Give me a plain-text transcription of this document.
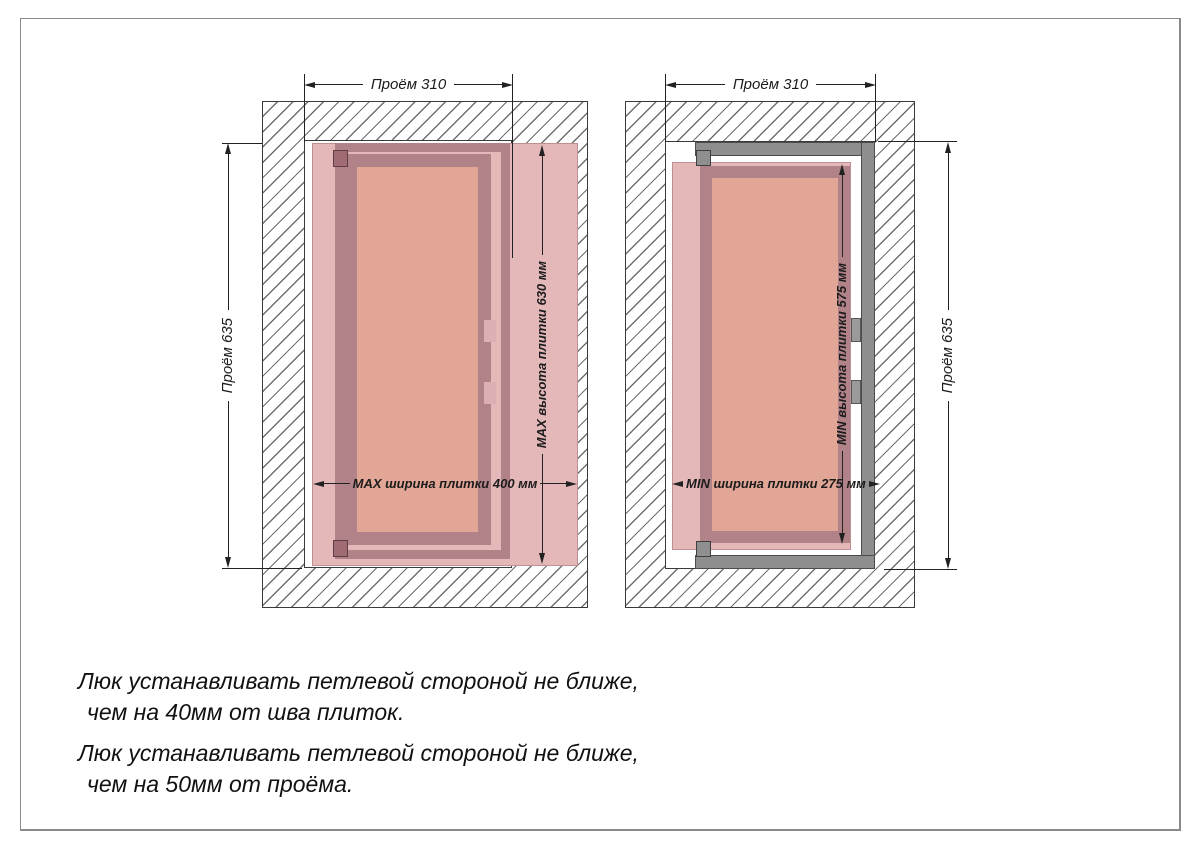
Проём 310
Проём 635	MAX высота плитки 630 мм
MAX ширина плитки 400 мм
Проём 310
Проём 635
MIN высота плитки 575 мм
MIN ширина плитки 275 мм
Люк устанавливать петлевой стороной не ближе,
чем на 40мм от шва плиток.
Люк устанавливать петлевой стороной не ближе,
чем на 50мм от проёма.
